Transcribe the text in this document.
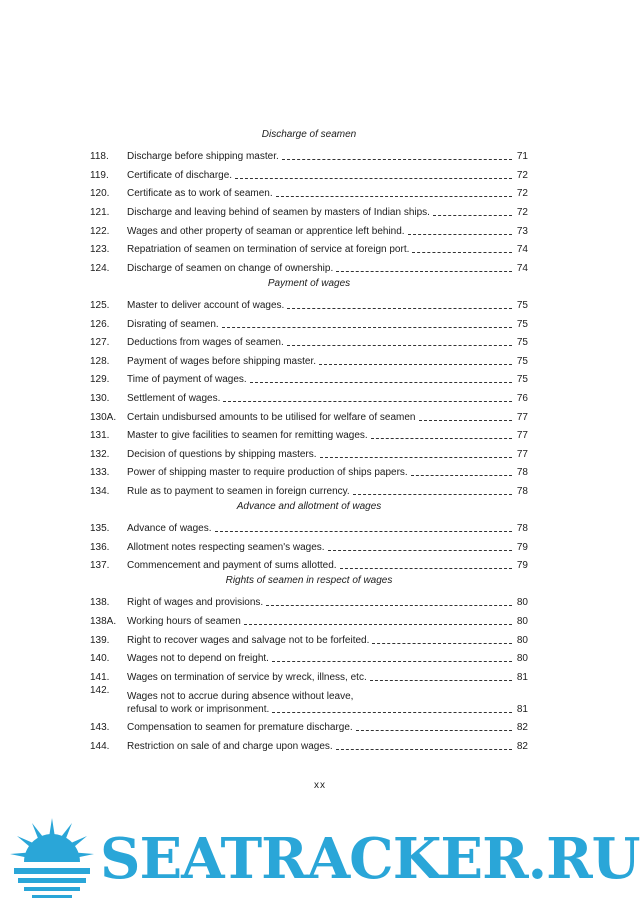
Discharge of seamen
118.	Discharge before shipping master.	71
119.	Certificate of discharge.	72
120.	Certificate as to work of seamen.	72
121.	Discharge and leaving behind of seamen by masters of Indian ships.	72
122.	Wages and other property of seaman or apprentice left behind.	73
123.	Repatriation of seamen on termination of service at foreign port.	74
124.	Discharge of seamen on change of ownership.	74
Payment of wages
125.	Master to deliver account of wages.	75
126.	Disrating of seamen.	75
127.	Deductions from wages of seamen.	75
128.	Payment of wages before shipping master.	75
129.	Time of payment of wages.	75
130.	Settlement of wages.	76
130A.	Certain undisbursed amounts to be utilised for welfare of seamen	77
131.	Master to give facilities to seamen for remitting wages.	77
132.	Decision of questions by shipping masters.	77
133.	Power of shipping master to require production of ships papers.	78
134.	Rule as to payment to seamen in foreign currency.	78
Advance and allotment of wages
135.	Advance of wages.	78
136.	Allotment notes respecting seamen's wages.	79
137.	Commencement and payment of sums allotted.	79
Rights of seamen in respect of wages
138.	Right of wages and provisions.	80
138A.	Working hours of seamen	80
139.	Right to recover wages and salvage not to be forfeited.	80
140.	Wages not to depend on freight.	80
141.	Wages on termination of service by wreck, illness, etc.	81
142.
Wages not to accrue during absence without leave,
refusal to work or imprisonment.	81
143.	Compensation to seamen for premature discharge.	82
144.	Restriction on sale of and charge upon wages.	82
xx
SEATRACKER.RU
